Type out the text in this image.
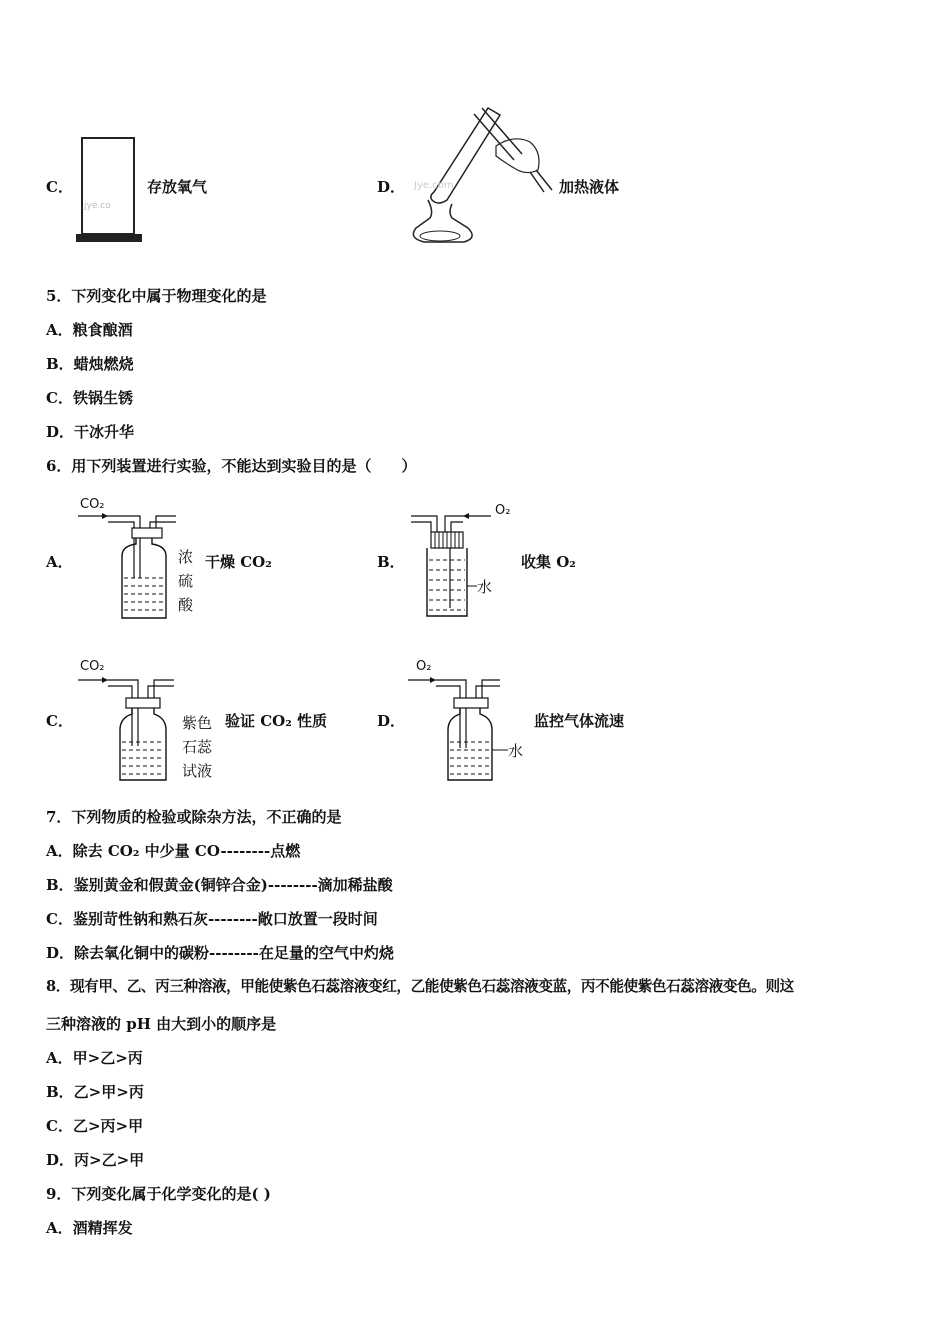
C．
jye.co
存放氧气	D． Jye.com	加热液体
5．下列变化中属于物理变化的是
A．粮食酿酒
B．蜡烛燃烧
C．铁锅生锈
D．干冰升华
6．用下列装置进行实验，不能达到实验目的是（　　）
A．
CO₂
浓
硫
酸
干燥 CO₂	B．
O₂
水
收集 O₂
C．
CO₂
紫色
石蕊
试液
验证 CO₂ 性质	D．
O₂
水
监控气体流速
7．下列物质的检验或除杂方法，不正确的是
A．除去 CO₂ 中少量 CO--------点燃
B．鉴别黄金和假黄金(铜锌合金)--------滴加稀盐酸
C．鉴别苛性钠和熟石灰--------敞口放置一段时间
D．除去氧化铜中的碳粉--------在足量的空气中灼烧
8．现有甲、乙、丙三种溶液，甲能使紫色石蕊溶液变红，乙能使紫色石蕊溶液变蓝，丙不能使紫色石蕊溶液变色。则这
三种溶液的 pH 由大到小的顺序是
A．甲>乙>丙
B．乙>甲>丙
C．乙>丙>甲
D．丙>乙>甲
9．下列变化属于化学变化的是( )
A．酒精挥发
